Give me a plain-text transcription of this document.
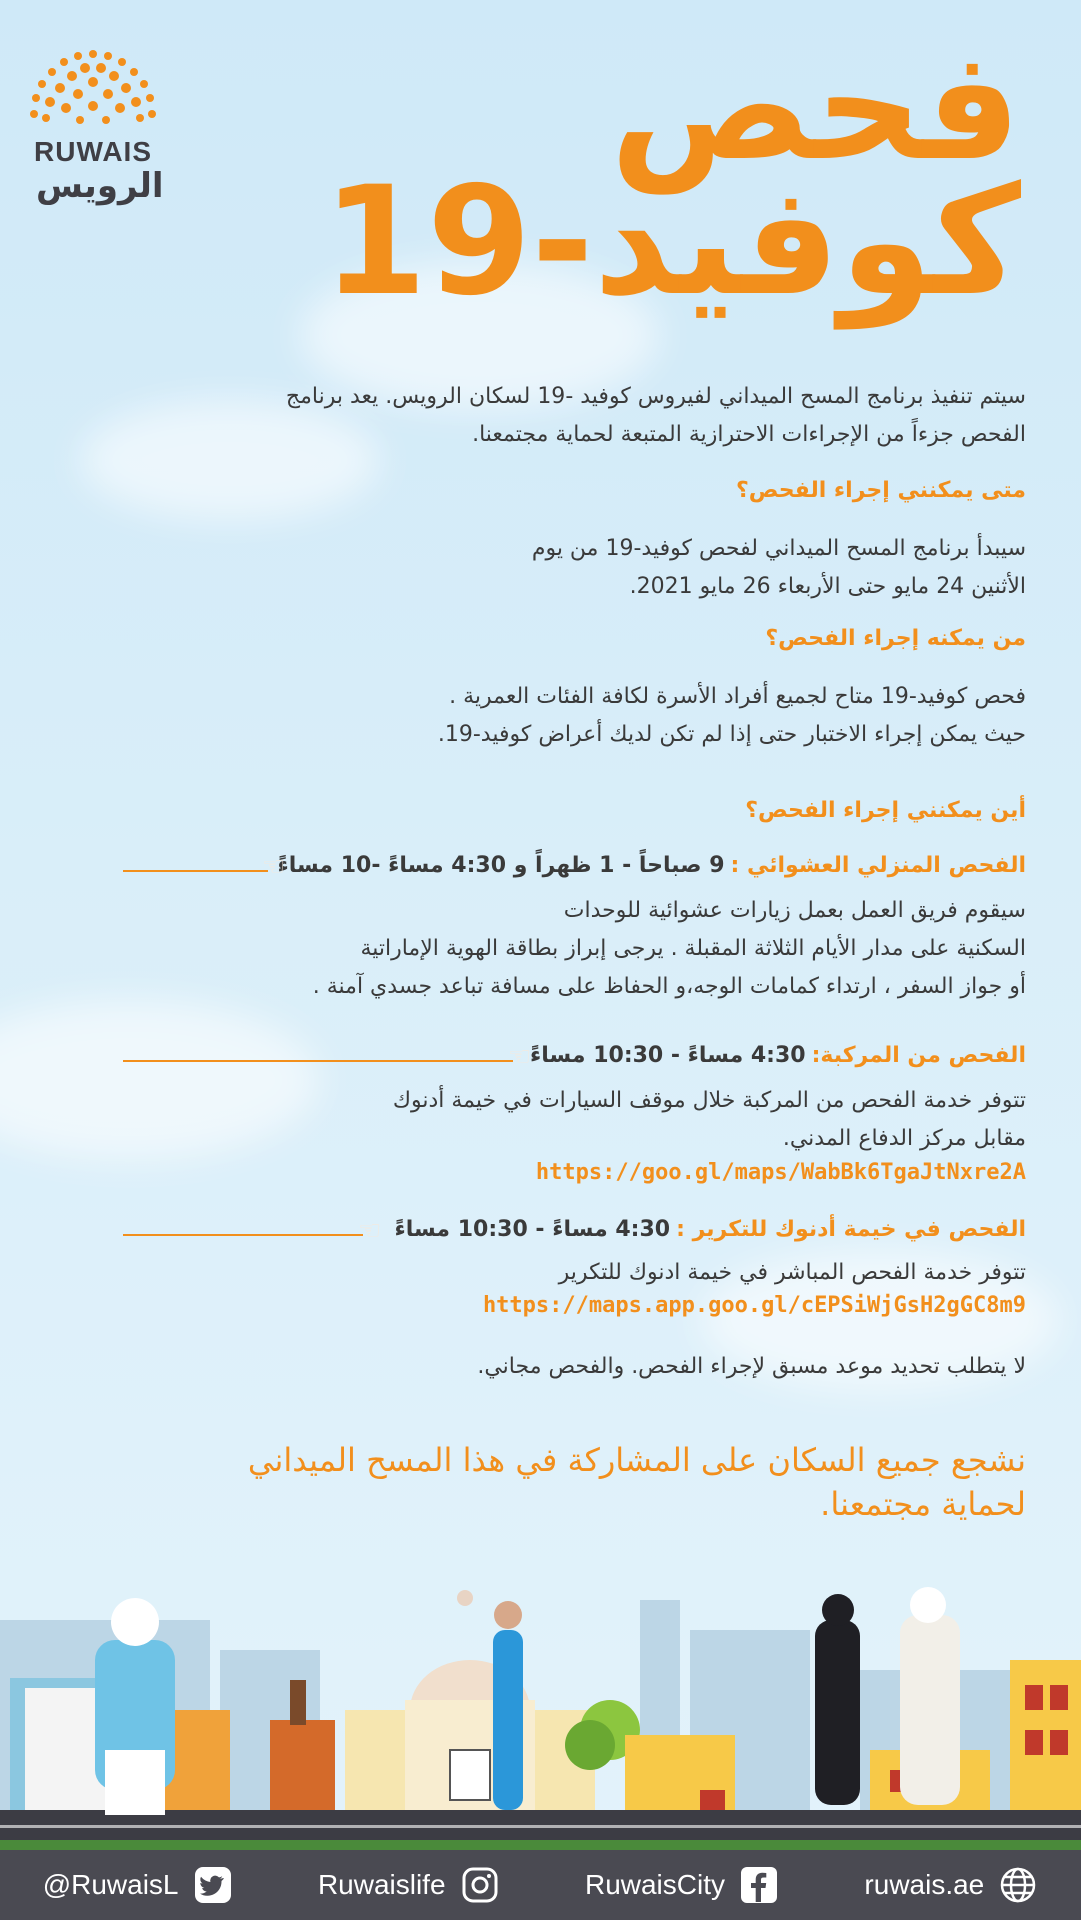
RUWAIS
الرويس	فحص
كوفيد-19
سيتم تنفيذ برنامج المسح الميداني لفيروس كوفيد -19 لسكان الرويس. يعد برنامج
الفحص جزءاً من الإجراءات الاحترازية المتبعة لحماية مجتمعنا.
متى يمكنني إجراء الفحص؟
سيبدأ برنامج المسح الميداني لفحص كوفيد-19 من يوم
الأثنين 24 مايو حتى الأربعاء 26 مايو 2021.
من يمكنه إجراء الفحص؟
فحص كوفيد-19 متاح لجميع أفراد الأسرة لكافة الفئات العمرية .
حيث يمكن إجراء الاختبار حتى إذا لم تكن لديك أعراض كوفيد-19.
أين يمكنني إجراء الفحص؟
الفحص المنزلي العشوائي :
9 صباحاً - 1 ظهراً و 4:30 مساءً -10 مساءً
☜
سيقوم فريق العمل بعمل زيارات عشوائية للوحدات
السكنية على مدار الأيام الثلاثة المقبلة . يرجى إبراز بطاقة الهوية الإماراتية
أو جواز السفر ، ارتداء كمامات الوجه،و الحفاظ على مسافة تباعد جسدي آمنة .
الفحص من المركبة:
4:30 مساءً - 10:30 مساءً
☜
تتوفر خدمة الفحص من المركبة خلال موقف السيارات في خيمة أدنوك
مقابل مركز الدفاع المدني.
https://goo.gl/maps/WabBk6TgaJtNxre2A
الفحص في خيمة أدنوك للتكرير :
4:30 مساءً - 10:30 مساءً
☜
تتوفر خدمة الفحص المباشر في خيمة ادنوك للتكرير
https://maps.app.goo.gl/cEPSiWjGsH2gGC8m9
لا يتطلب تحديد موعد مسبق لإجراء الفحص. والفحص مجاني.
نشجع جميع السكان على المشاركة في هذا المسح الميداني
لحماية مجتمعنا.
@RuwaisL	Ruwaislife	RuwaisCity	ruwais.ae
